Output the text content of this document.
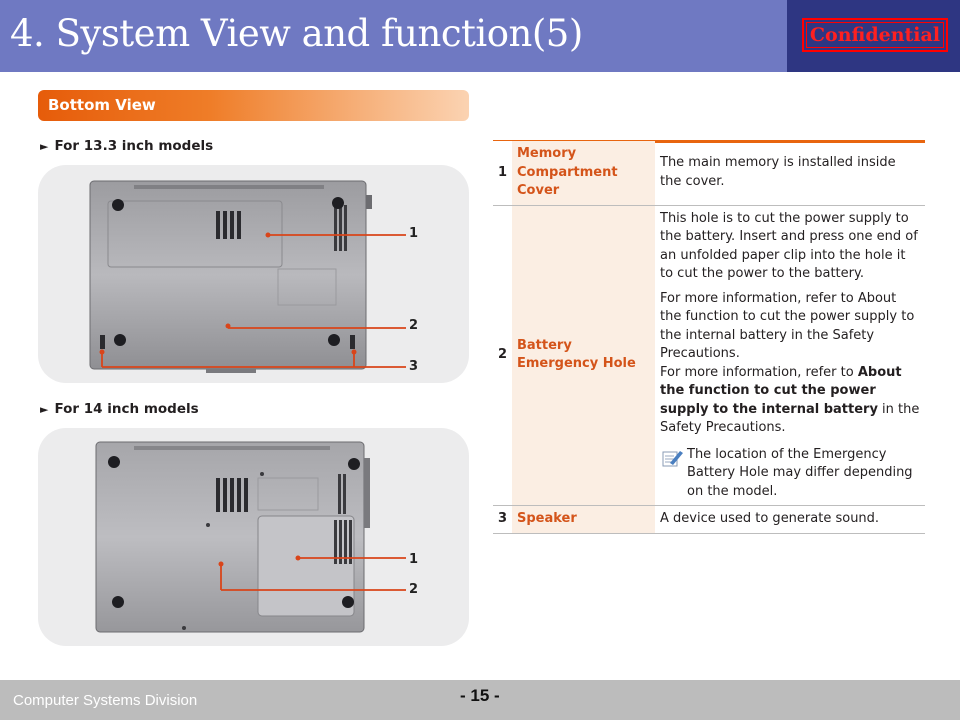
4. System View and function(5)	Confidential
Bottom View
► For 13.3 inch models
1
2
3
► For 14 inch models
1
2
1	Memory Compartment Cover	The main memory is installed inside the cover.
2	Battery Emergency Hole	This hole is to cut the power supply to the battery. Insert and press one end of an unfolded paper clip into the hole it to cut the power to the battery.

For more information, refer to About the function to cut the power supply to the internal battery in the Safety Precautions.
For more information, refer to About the function to cut the power supply to the internal battery in the Safety Precautions.

The location of the Emergency Battery Hole may differ depending on the model.

3	Speaker	A device used to generate sound.
Computer Systems Division	- 15 -
